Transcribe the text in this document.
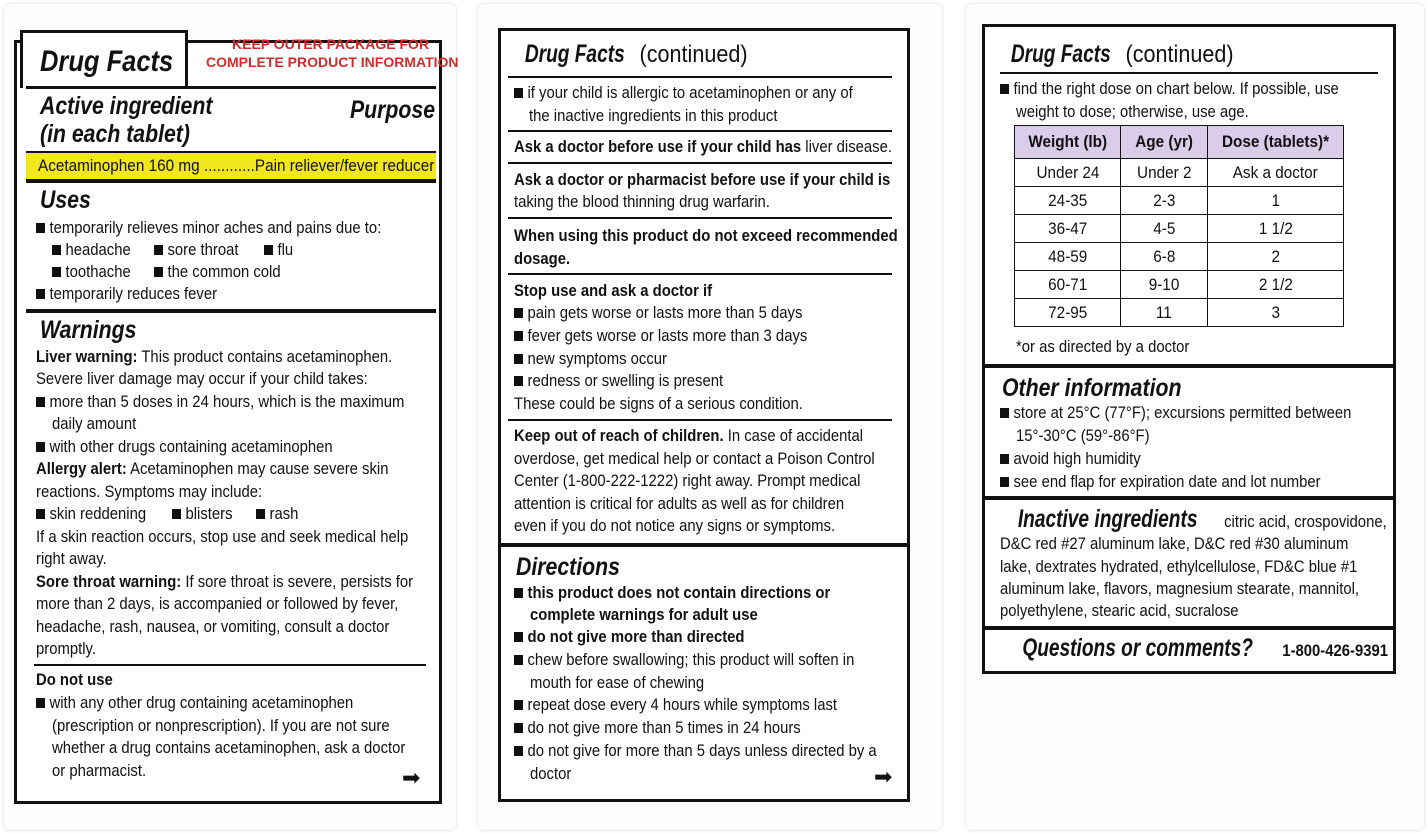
Drug Facts
KEEP OUTER PACKAGE FOR
COMPLETE PRODUCT INFORMATION
Active ingredient
(in each tablet)
Purpose
Acetaminophen 160 mg ............Pain reliever/fever reducer
Uses
temporarily relieves minor aches and pains due to:
headache	sore throat	flu
toothache	the common cold
temporarily reduces fever
Warnings
Liver warning: This product contains acetaminophen.
Severe liver damage may occur if your child takes:
more than 5 doses in 24 hours, which is the maximum
daily amount
with other drugs containing acetaminophen
Allergy alert: Acetaminophen may cause severe skin
reactions. Symptoms may include:
skin reddening	blisters	rash
If a skin reaction occurs, stop use and seek medical help
right away.
Sore throat warning: If sore throat is severe, persists for
more than 2 days, is accompanied or followed by fever,
headache, rash, nausea, or vomiting, consult a doctor
promptly.
Do not use
with any other drug containing acetaminophen
(prescription or nonprescription). If you are not sure
whether a drug contains acetaminophen, ask a doctor
or pharmacist.	➡
Drug Facts (continued)
if your child is allergic to acetaminophen or any of
the inactive ingredients in this product
Ask a doctor before use if your child has liver disease.
Ask a doctor or pharmacist before use if your child is
taking the blood thinning drug warfarin.
When using this product do not exceed recommended
dosage.
Stop use and ask a doctor if
pain gets worse or lasts more than 5 days
fever gets worse or lasts more than 3 days
new symptoms occur
redness or swelling is present
These could be signs of a serious condition.
Keep out of reach of children. In case of accidental
overdose, get medical help or contact a Poison Control
Center (1-800-222-1222) right away. Prompt medical
attention is critical for adults as well as for children
even if you do not notice any signs or symptoms.
Directions
this product does not contain directions or
complete warnings for adult use
do not give more than directed
chew before swallowing; this product will soften in
mouth for ease of chewing
repeat dose every 4 hours while symptoms last
do not give more than 5 times in 24 hours
do not give for more than 5 days unless directed by a
doctor	➡
Drug Facts (continued)
find the right dose on chart below. If possible, use
weight to dose; otherwise, use age.
Weight (lb)	Age (yr)	Dose (tablets)*
Under 24	Under 2	Ask a doctor
24-35	2-3	1
36-47	4-5	1 1/2
48-59	6-8	2
60-71	9-10	2 1/2
72-95	11	3
*or as directed by a doctor
Other information
store at 25°C (77°F); excursions permitted between
15°-30°C (59°-86°F)
avoid high humidity
see end flap for expiration date and lot number
Inactive ingredients citric acid, crospovidone,
D&C red #27 aluminum lake, D&C red #30 aluminum
lake, dextrates hydrated, ethylcellulose, FD&C blue #1
aluminum lake, flavors, magnesium stearate, mannitol,
polyethylene, stearic acid, sucralose
Questions or comments? 1-800-426-9391
